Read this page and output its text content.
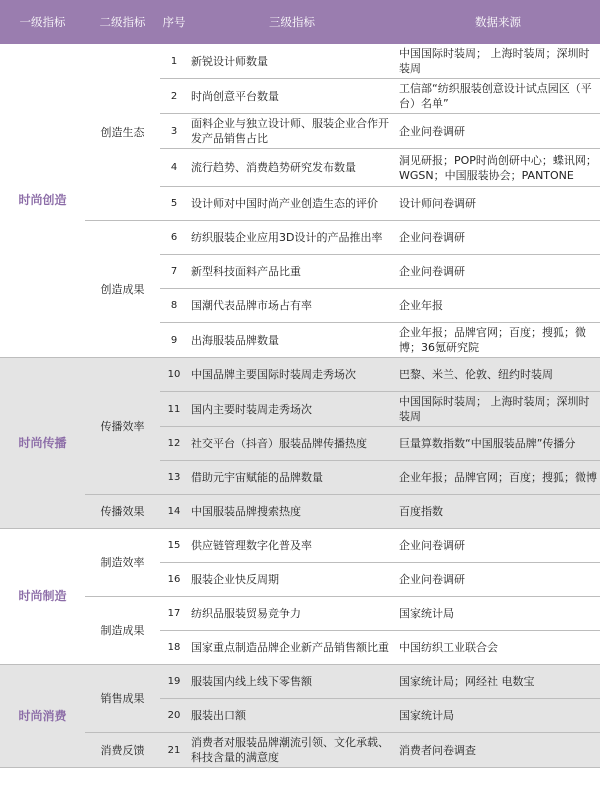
一级指标	二级指标	序号	三级指标	数据来源
时尚创造	创造生态	1	新锐设计师数量	中国国际时装周； 上海时装周；深圳时装周
		2	时尚创意平台数量	工信部“纺织服装创意设计试点园区（平台）名单”
		3	面料企业与独立设计师、服装企业合作开发产品销售占比	企业问卷调研
		4	流行趋势、消费趋势研究发布数量	洞见研报；POP时尚创研中心；蝶讯网；WGSN；中国服装协会；PANTONE
		5	设计师对中国时尚产业创造生态的评价	设计师问卷调研
	创造成果	6	纺织服装企业应用3D设计的产品推出率	企业问卷调研
		7	新型科技面料产品比重	企业问卷调研
		8	国潮代表品牌市场占有率	企业年报
		9	出海服装品牌数量	企业年报；品牌官网；百度；搜狐；微博；36氪研究院
时尚传播	传播效率	10	中国品牌主要国际时装周走秀场次	巴黎、米兰、伦敦、纽约时装周
		11	国内主要时装周走秀场次	中国国际时装周； 上海时装周；深圳时装周
		12	社交平台（抖音）服装品牌传播热度	巨量算数指数“中国服装品牌”传播分
		13	借助元宇宙赋能的品牌数量	企业年报；品牌官网；百度；搜狐；微博
	传播效果	14	中国服装品牌搜索热度	百度指数
时尚制造	制造效率	15	供应链管理数字化普及率	企业问卷调研
		16	服装企业快反周期	企业问卷调研
	制造成果	17	纺织品服装贸易竞争力	国家统计局
		18	国家重点制造品牌企业新产品销售额比重	中国纺织工业联合会
时尚消费	销售成果	19	服装国内线上线下零售额	国家统计局；网经社 电数宝
		20	服装出口额	国家统计局
	消费反馈	21	消费者对服装品牌潮流引领、文化承载、科技含量的满意度	消费者问卷调查
